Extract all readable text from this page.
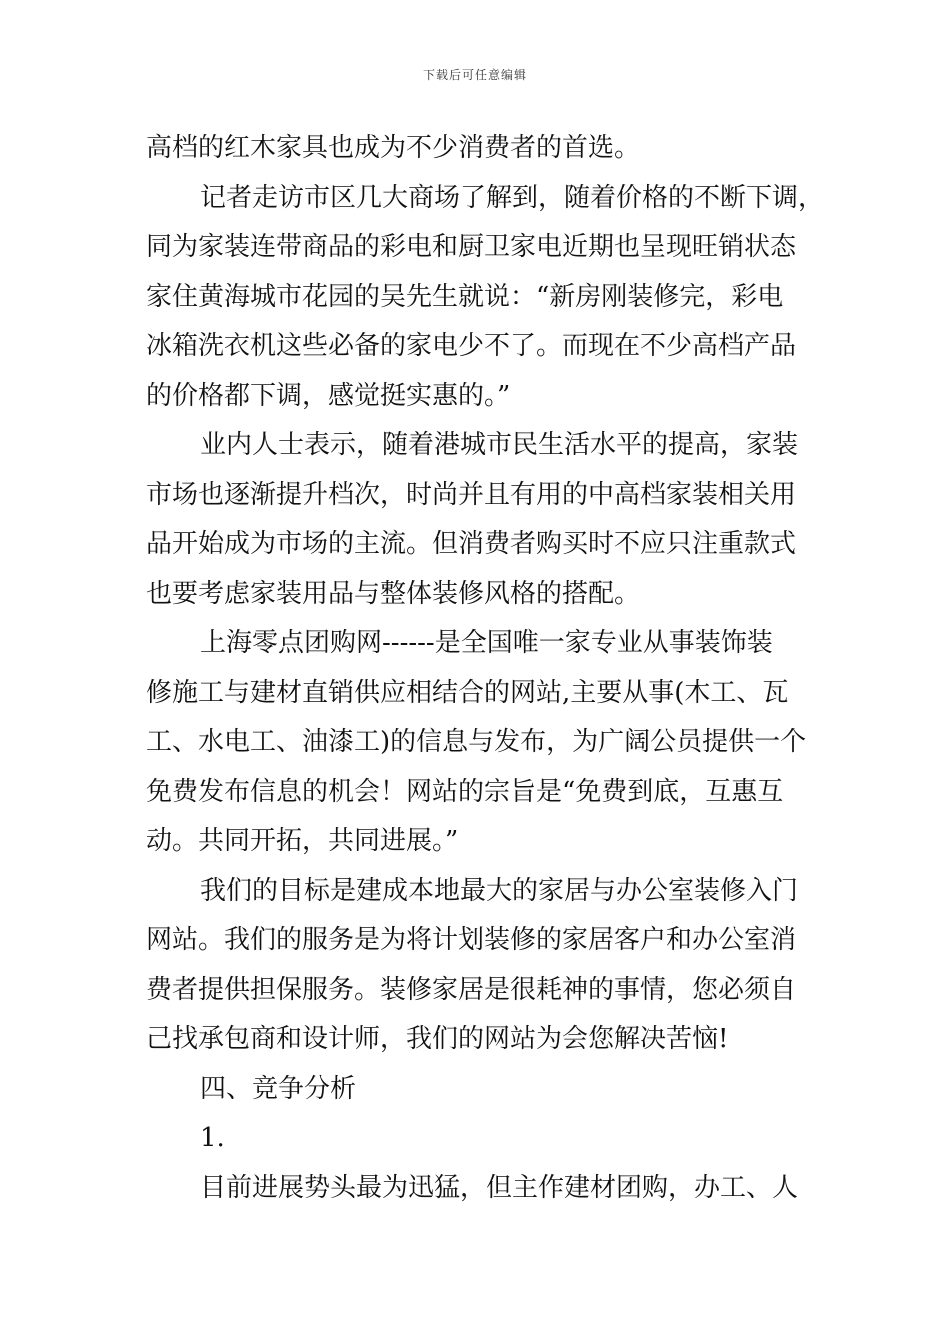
下载后可任意编辑
高档的红木家具也成为不少消费者的首选。
记者走访市区几大商场了解到，随着价格的不断下调，
同为家装连带商品的彩电和厨卫家电近期也呈现旺销状态
家住黄海城市花园的吴先生就说：“新房刚装修完，彩电
冰箱洗衣机这些必备的家电少不了。而现在不少高档产品
的价格都下调，感觉挺实惠的。”
业内人士表示，随着港城市民生活水平的提高，家装
市场也逐渐提升档次，时尚并且有用的中高档家装相关用
品开始成为市场的主流。但消费者购买时不应只注重款式
也要考虑家装用品与整体装修风格的搭配。
上海零点团购网------是全国唯一家专业从事装饰装
修施工与建材直销供应相结合的网站,主要从事(木工、瓦
工、水电工、油漆工)的信息与发布，为广阔公员提供一个
免费发布信息的机会！网站的宗旨是“免费到底，互惠互
动。共同开拓，共同进展。”
我们的目标是建成本地最大的家居与办公室装修入门
网站。我们的服务是为将计划装修的家居客户和办公室消
费者提供担保服务。装修家居是很耗神的事情，您必须自
己找承包商和设计师，我们的网站为会您解决苦恼!
四、竞争分析
1.
目前进展势头最为迅猛，但主作建材团购，办工、人
